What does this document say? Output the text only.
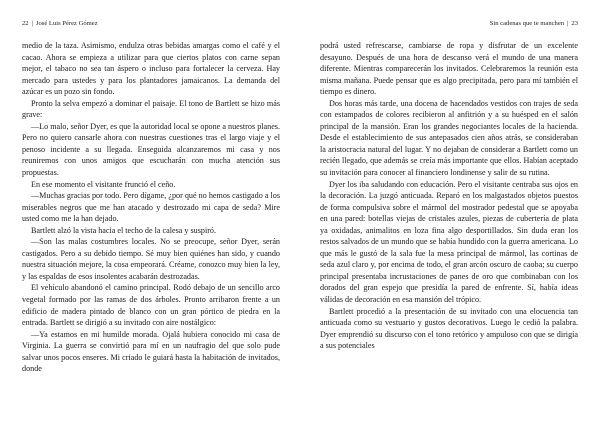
22 | José Luis Pérez Gómez

medio de la taza. Asimismo, endulza otras bebidas amargas como el café y el cacao. Ahora se empieza a utilizar para que ciertos platos con carne sepan mejor, el tabaco no sea tan áspero o incluso para fortalecer la cerveza. Hay mercado para ustedes y para los plantadores jamaicanos. La demanda del azúcar es un pozo sin fondo.

Pronto la selva empezó a dominar el paisaje. El tono de Bartlett se hizo más grave:

—Lo malo, señor Dyer, es que la autoridad local se opone a nuestros planes. Pero no quiero cansarle ahora con nuestras cuestiones tras el largo viaje y el penoso incidente a su llegada. Enseguida alcanzaremos mi casa y nos reuniremos con unos amigos que escucharán con mucha atención sus propuestas.

En ese momento el visitante frunció el ceño.

—Muchas gracias por todo. Pero dígame, ¿por qué no hemos castigado a los miserables negros que me han atacado y destrozado mi capa de seda? Mire usted como me la han dejado.

Bartlett alzó la vista hacia el techo de la calesa y suspiró.

—Son las malas costumbres locales. No se preocupe, señor Dyer, serán castigados. Pero a su debido tiempo. Sé muy bien quiénes han sido, y cuando nuestra situación mejore, la cosa empeorará. Créame, conozco muy bien la ley, y las espaldas de esos insolentes acabarán destrozadas.

El vehículo abandonó el camino principal. Rodó debajo de un sencillo arco vegetal formado por las ramas de dos árboles. Pronto arribaron frente a un edificio de madera pintado de blanco con un gran pórtico de piedra en la entrada. Bartlett se dirigió a su invitado con aire nostálgico:

—Ya estamos en mi humilde morada. Ojalá hubiera conocido mi casa de Virginia. La guerra se convirtió para mí en un naufragio del que solo pude salvar unos pocos enseres. Mi criado le guiará hasta la habitación de invitados, donde

Sin cadenas que te manchen | 23

podrá usted refrescarse, cambiarse de ropa y disfrutar de un excelente desayuno. Después de una hora de descanso verá el mundo de una manera diferente. Mientras comparecerán los invitados. Celebraremos la reunión esta misma mañana. Puede pensar que es algo precipitada, pero para mí también el tiempo es dinero.

Dos horas más tarde, una docena de hacendados vestidos con trajes de seda con estampados de colores recibieron al anfitrión y a su huésped en el salón principal de la mansión. Eran los grandes negociantes locales de la hacienda. Desde el establecimiento de sus antepasados cien años atrás, se consideraban la aristocracia natural del lugar. Y no dejaban de considerar a Bartlett como un recién llegado, que además se creía más importante que ellos. Habían aceptado su invitación para conocer al financiero londinense y salir de su rutina.

Dyer los iba saludando con educación. Pero el visitante centraba sus ojos en la decoración. La juzgó anticuada. Reparó en los malgastados objetos puestos de forma compulsiva sobre el mármol del mostrador pedestal que se apoyaba en una pared: botellas viejas de cristales azules, piezas de cubertería de plata ya oxidadas, animalitos en loza fina algo desportillados. Sin duda eran los restos salvados de un mundo que se había hundido con la guerra americana. Lo que más le gustó de la sala fue la mesa principal de mármol, las cortinas de seda azul claro y, por encima de todo, el gran arcón oscuro de caoba; su cuerpo principal presentaba incrustaciones de panes de oro que combinaban con los dorados del gran espejo que presidía la pared de enfrente. Sí, había ideas válidas de decoración en esa mansión del trópico.

Bartlett procedió a la presentación de su invitado con una elocuencia tan anticuada como su vestuario y gustos decorativos. Luego le cedió la palabra. Dyer emprendió su discurso con el tono retórico y ampuloso con que se dirigía a sus potenciales
